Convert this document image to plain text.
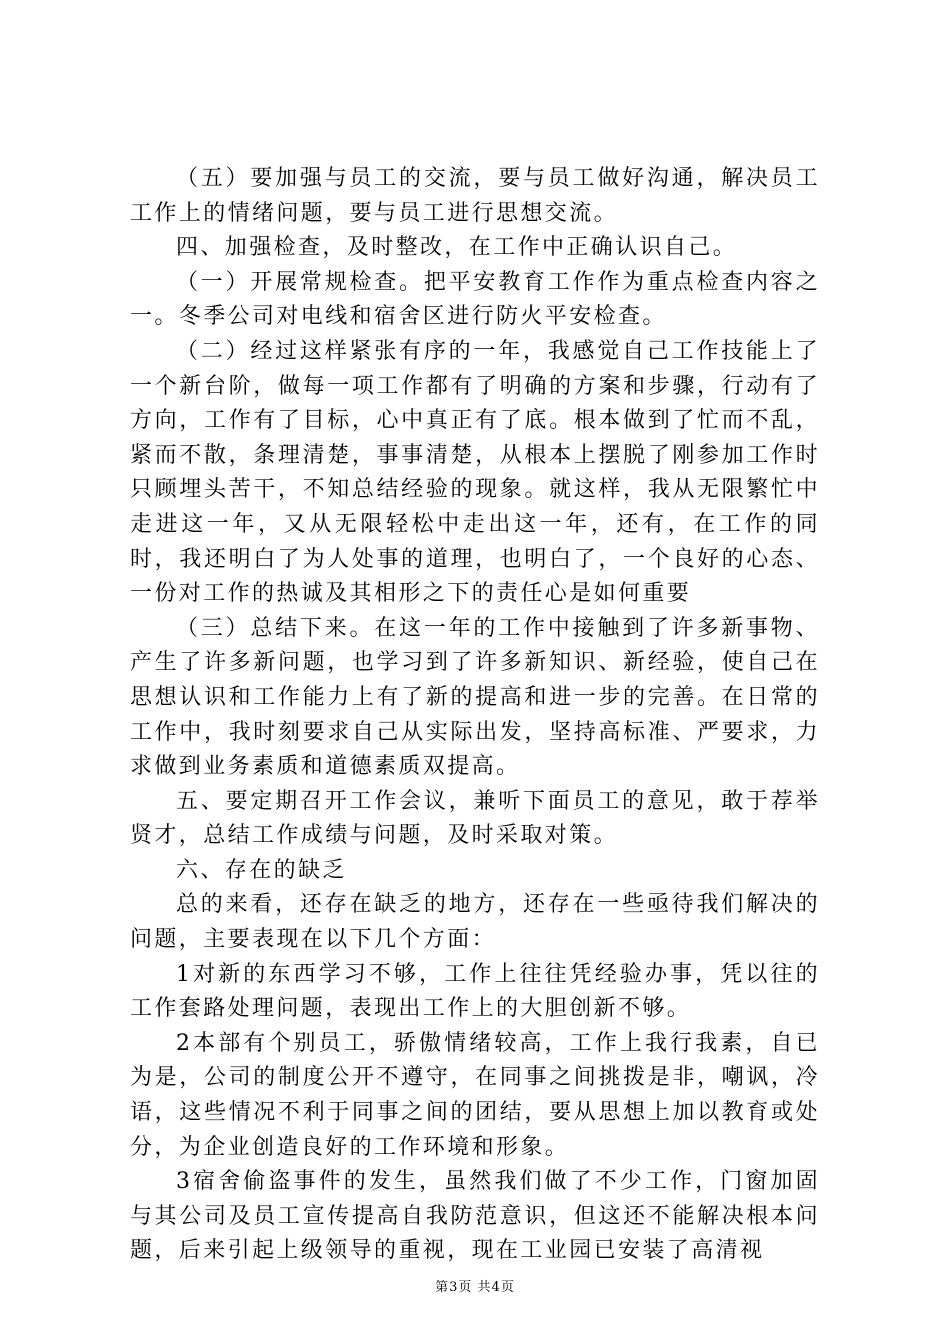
（五）要加强与员工的交流，要与员工做好沟通，解决员工工作上的情绪问题，要与员工进行思想交流。

四、加强检查，及时整改，在工作中正确认识自己。

（一）开展常规检查。把平安教育工作作为重点检查内容之一。冬季公司对电线和宿舍区进行防火平安检查。

（二）经过这样紧张有序的一年，我感觉自己工作技能上了一个新台阶，做每一项工作都有了明确的方案和步骤，行动有了方向，工作有了目标，心中真正有了底。根本做到了忙而不乱，紧而不散，条理清楚，事事清楚，从根本上摆脱了刚参加工作时只顾埋头苦干，不知总结经验的现象。就这样，我从无限繁忙中走进这一年，又从无限轻松中走出这一年，还有，在工作的同时，我还明白了为人处事的道理，也明白了，一个良好的心态、一份对工作的热诚及其相形之下的责任心是如何重要

（三）总结下来。在这一年的工作中接触到了许多新事物、产生了许多新问题，也学习到了许多新知识、新经验，使自己在思想认识和工作能力上有了新的提高和进一步的完善。在日常的工作中，我时刻要求自己从实际出发，坚持高标准、严要求，力求做到业务素质和道德素质双提高。

五、要定期召开工作会议，兼听下面员工的意见，敢于荐举贤才，总结工作成绩与问题，及时采取对策。

六、存在的缺乏

总的来看，还存在缺乏的地方，还存在一些亟待我们解决的问题，主要表现在以下几个方面：

1对新的东西学习不够，工作上往往凭经验办事，凭以往的工作套路处理问题，表现出工作上的大胆创新不够。

2本部有个别员工，骄傲情绪较高，工作上我行我素，自已为是，公司的制度公开不遵守，在同事之间挑拨是非，嘲讽，冷语，这些情况不利于同事之间的团结，要从思想上加以教育或处分，为企业创造良好的工作环境和形象。

3宿舍偷盗事件的发生，虽然我们做了不少工作，门窗加固与其公司及员工宣传提高自我防范意识，但这还不能解决根本问题，后来引起上级领导的重视，现在工业园已安装了高清视

第3页 共4页
